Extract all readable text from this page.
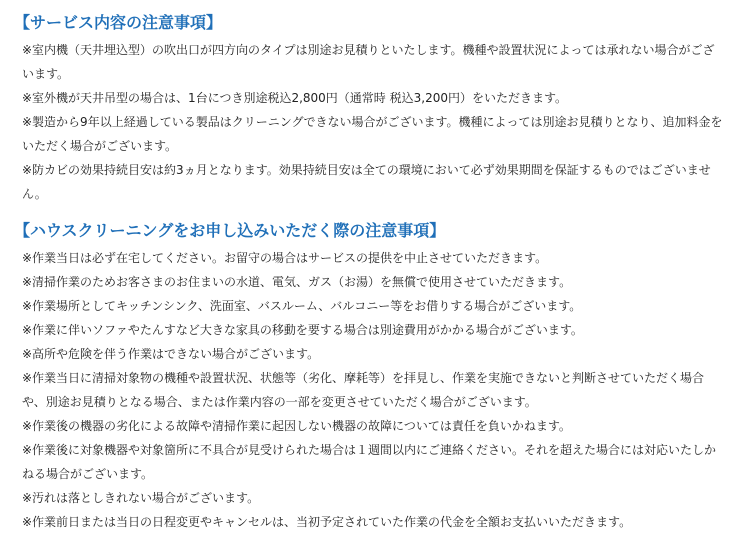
【サービス内容の注意事項】
※室内機（天井埋込型）の吹出口が四方向のタイプは別途お見積りといたします。機種や設置状況によっては承れない場合がございます。
※室外機が天井吊型の場合は、1台につき別途税込2,800円（通常時 税込3,200円）をいただきます。
※製造から9年以上経過している製品はクリーニングできない場合がございます。機種によっては別途お見積りとなり、追加料金をいただく場合がございます。
※防カビの効果持続目安は約3ヵ月となります。効果持続目安は全ての環境において必ず効果期間を保証するものではございません。
【ハウスクリーニングをお申し込みいただく際の注意事項】
※作業当日は必ず在宅してください。お留守の場合はサービスの提供を中止させていただきます。
※清掃作業のためお客さまのお住まいの水道、電気、ガス（お湯）を無償で使用させていただきます。
※作業場所としてキッチンシンク、洗面室、バスルーム、バルコニー等をお借りする場合がございます。
※作業に伴いソファやたんすなど大きな家具の移動を要する場合は別途費用がかかる場合がございます。
※高所や危険を伴う作業はできない場合がございます。
※作業当日に清掃対象物の機種や設置状況、状態等（劣化、摩耗等）を拝見し、作業を実施できないと判断させていただく場合や、別途お見積りとなる場合、または作業内容の一部を変更させていただく場合がございます。
※作業後の機器の劣化による故障や清掃作業に起因しない機器の故障については責任を負いかねます。
※作業後に対象機器や対象箇所に不具合が見受けられた場合は１週間以内にご連絡ください。それを超えた場合には対応いたしかねる場合がございます。
※汚れは落としきれない場合がございます。
※作業前日または当日の日程変更やキャンセルは、当初予定されていた作業の代金を全額お支払いいただきます。
